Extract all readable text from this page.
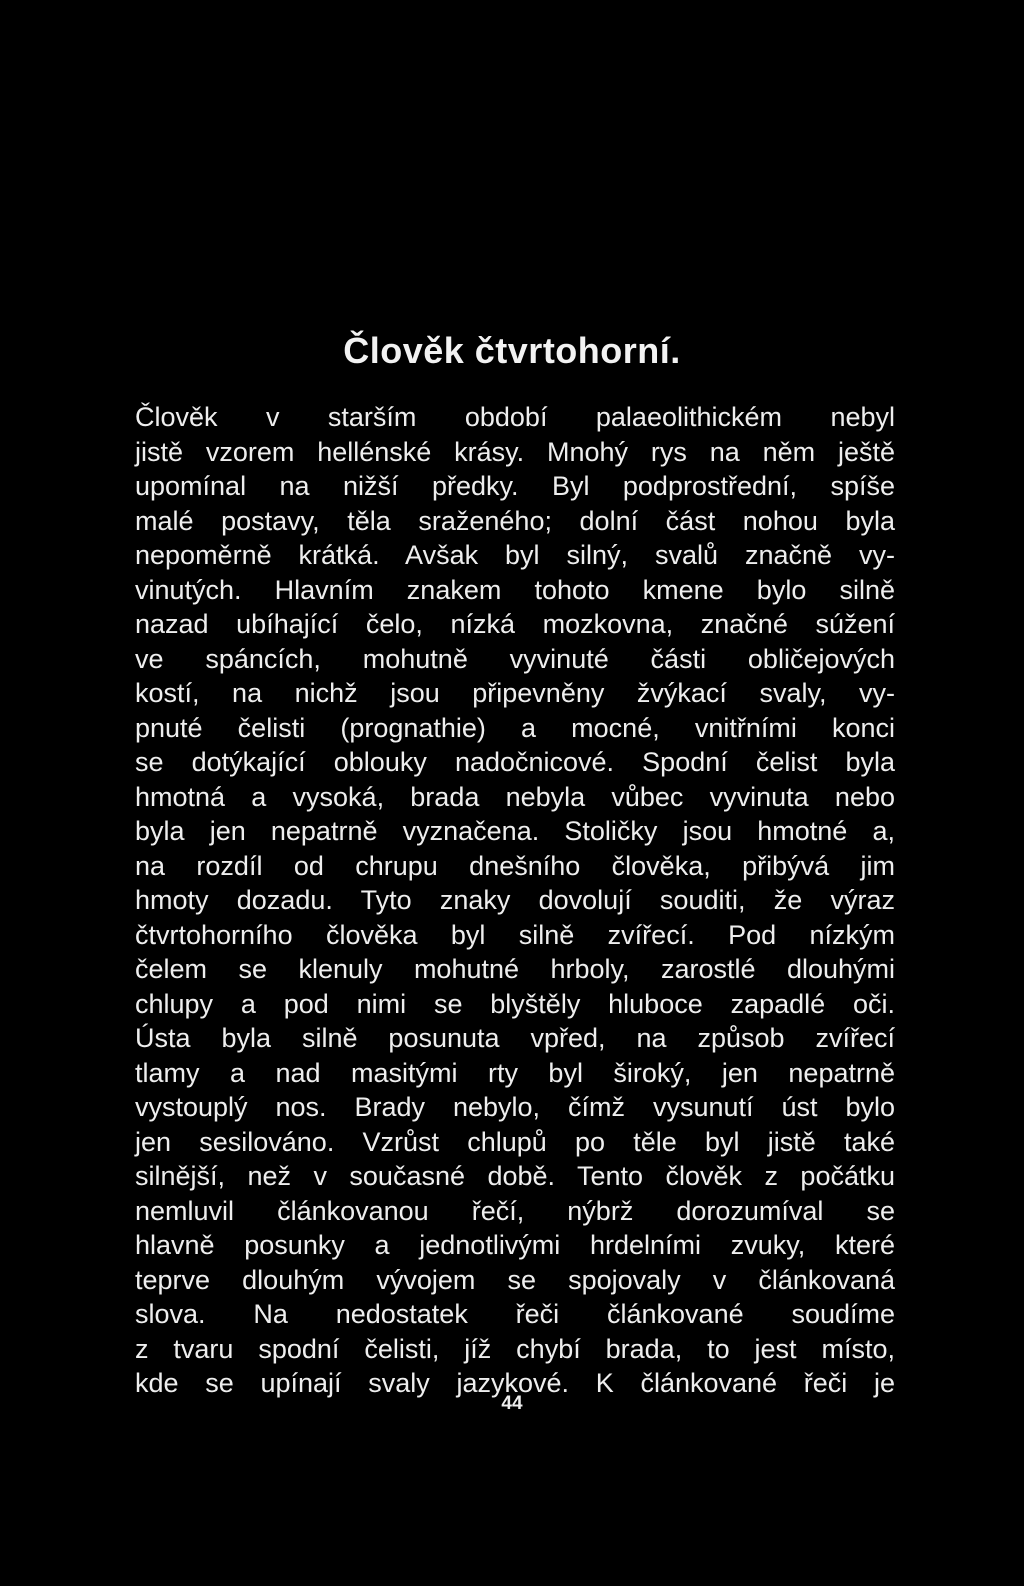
Člověk čtvrtohorní.
Člověk v starším období palaeolithickém nebyl
jistě vzorem hellénské krásy. Mnohý rys na něm ještě
upomínal na nižší předky. Byl podprostřední, spíše
malé postavy, těla sraženého; dolní část nohou byla
nepoměrně krátká. Avšak byl silný, svalů značně vy-
vinutých. Hlavním znakem tohoto kmene bylo silně
nazad ubíhající čelo, nízká mozkovna, značné súžení
ve spáncích, mohutně vyvinuté části obličejových
kostí, na nichž jsou připevněny žvýkací svaly, vy-
pnuté čelisti (prognathie) a mocné, vnitřními konci
se dotýkající oblouky nadočnicové. Spodní čelist byla
hmotná a vysoká, brada nebyla vůbec vyvinuta nebo
byla jen nepatrně vyznačena. Stoličky jsou hmotné a,
na rozdíl od chrupu dnešního člověka, přibývá jim
hmoty dozadu. Tyto znaky dovolují souditi, že výraz
čtvrtohorního člověka byl silně zvířecí. Pod nízkým
čelem se klenuly mohutné hrboly, zarostlé dlouhými
chlupy a pod nimi se blyštěly hluboce zapadlé oči.
Ústa byla silně posunuta vpřed, na způsob zvířecí
tlamy a nad masitými rty byl široký, jen nepatrně
vystouplý nos. Brady nebylo, čímž vysunutí úst bylo
jen sesilováno. Vzrůst chlupů po těle byl jistě také
silnější, než v současné době. Tento člověk z počátku
nemluvil článkovanou řečí, nýbrž dorozumíval se
hlavně posunky a jednotlivými hrdelními zvuky, které
teprve dlouhým vývojem se spojovaly v článkovaná
slova. Na nedostatek řeči článkované soudíme
z tvaru spodní čelisti, jíž chybí brada, to jest místo,
kde se upínají svaly jazykové. K článkované řeči je
44
